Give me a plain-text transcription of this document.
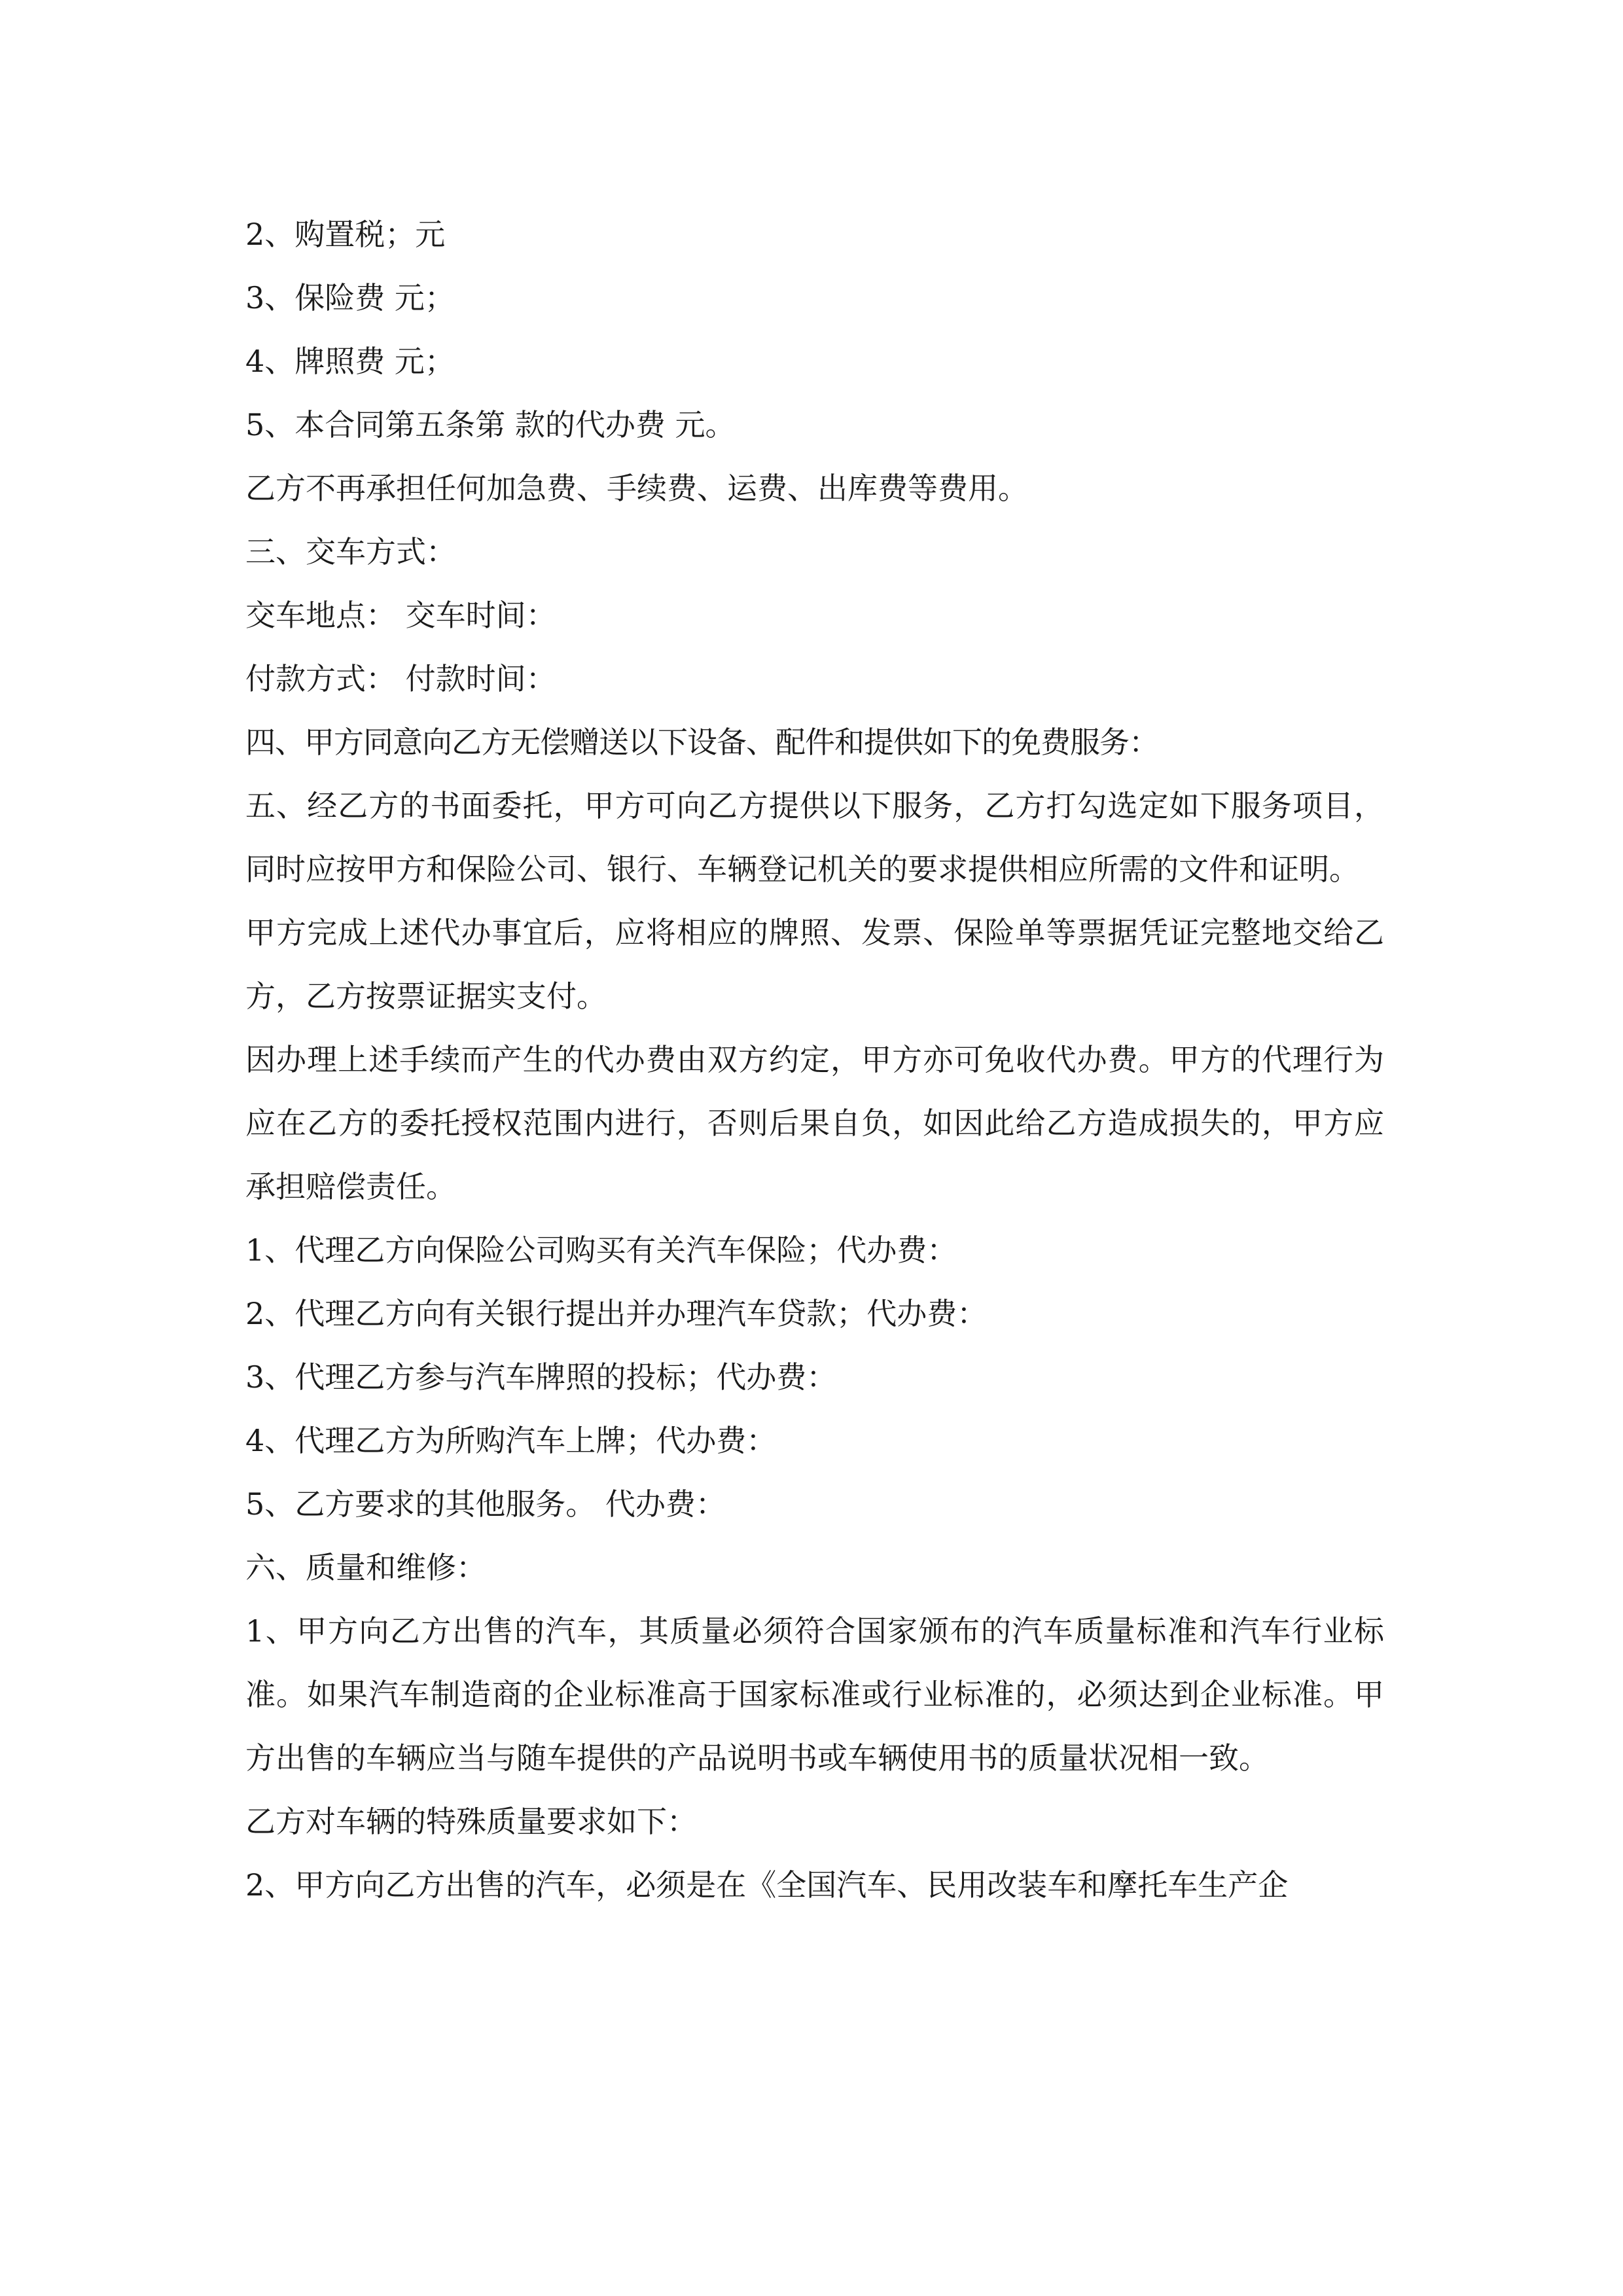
2、购置税；元

3、保险费 元；

4、牌照费 元；

5、本合同第五条第 款的代办费 元。

乙方不再承担任何加急费、手续费、运费、出库费等费用。

三、交车方式：

交车地点： 交车时间：

付款方式： 付款时间：

四、甲方同意向乙方无偿赠送以下设备、配件和提供如下的免费服务：

五、经乙方的书面委托，甲方可向乙方提供以下服务，乙方打勾选定如下服务项目，同时应按甲方和保险公司、银行、车辆登记机关的要求提供相应所需的文件和证明。

甲方完成上述代办事宜后，应将相应的牌照、发票、保险单等票据凭证完整地交给乙方，乙方按票证据实支付。

因办理上述手续而产生的代办费由双方约定，甲方亦可免收代办费。甲方的代理行为应在乙方的委托授权范围内进行，否则后果自负，如因此给乙方造成损失的，甲方应承担赔偿责任。

1、代理乙方向保险公司购买有关汽车保险；代办费：

2、代理乙方向有关银行提出并办理汽车贷款；代办费：

3、代理乙方参与汽车牌照的投标；代办费：

4、代理乙方为所购汽车上牌；代办费：

5、乙方要求的其他服务。 代办费：

六、质量和维修：

1、甲方向乙方出售的汽车，其质量必须符合国家颁布的汽车质量标准和汽车行业标准。如果汽车制造商的企业标准高于国家标准或行业标准的，必须达到企业标准。甲方出售的车辆应当与随车提供的产品说明书或车辆使用书的质量状况相一致。

乙方对车辆的特殊质量要求如下：

2、甲方向乙方出售的汽车，必须是在《全国汽车、民用改装车和摩托车生产企
